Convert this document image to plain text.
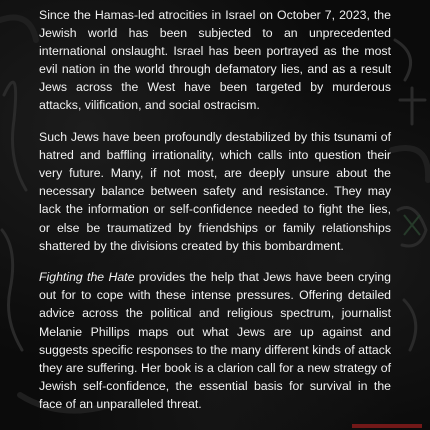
Since the Hamas-led atrocities in Israel on October 7, 2023, the Jewish world has been subjected to an unprecedented international onslaught. Israel has been portrayed as the most evil nation in the world through defamatory lies, and as a result Jews across the West have been targeted by murderous attacks, vilification, and social ostracism.

Such Jews have been profoundly destabilized by this tsunami of hatred and baffling irrationality, which calls into question their very future. Many, if not most, are deeply unsure about the necessary balance between safety and resistance. They may lack the information or self-confidence needed to fight the lies, or else be traumatized by friendships or family relationships shattered by the divisions created by this bombardment.

Fighting the Hate provides the help that Jews have been crying out for to cope with these intense pressures. Offering detailed advice across the political and religious spectrum, journalist Melanie Phillips maps out what Jews are up against and suggests specific responses to the many different kinds of attack they are suffering. Her book is a clarion call for a new strategy of Jewish self-confidence, the essential basis for survival in the face of an unparalleled threat.
